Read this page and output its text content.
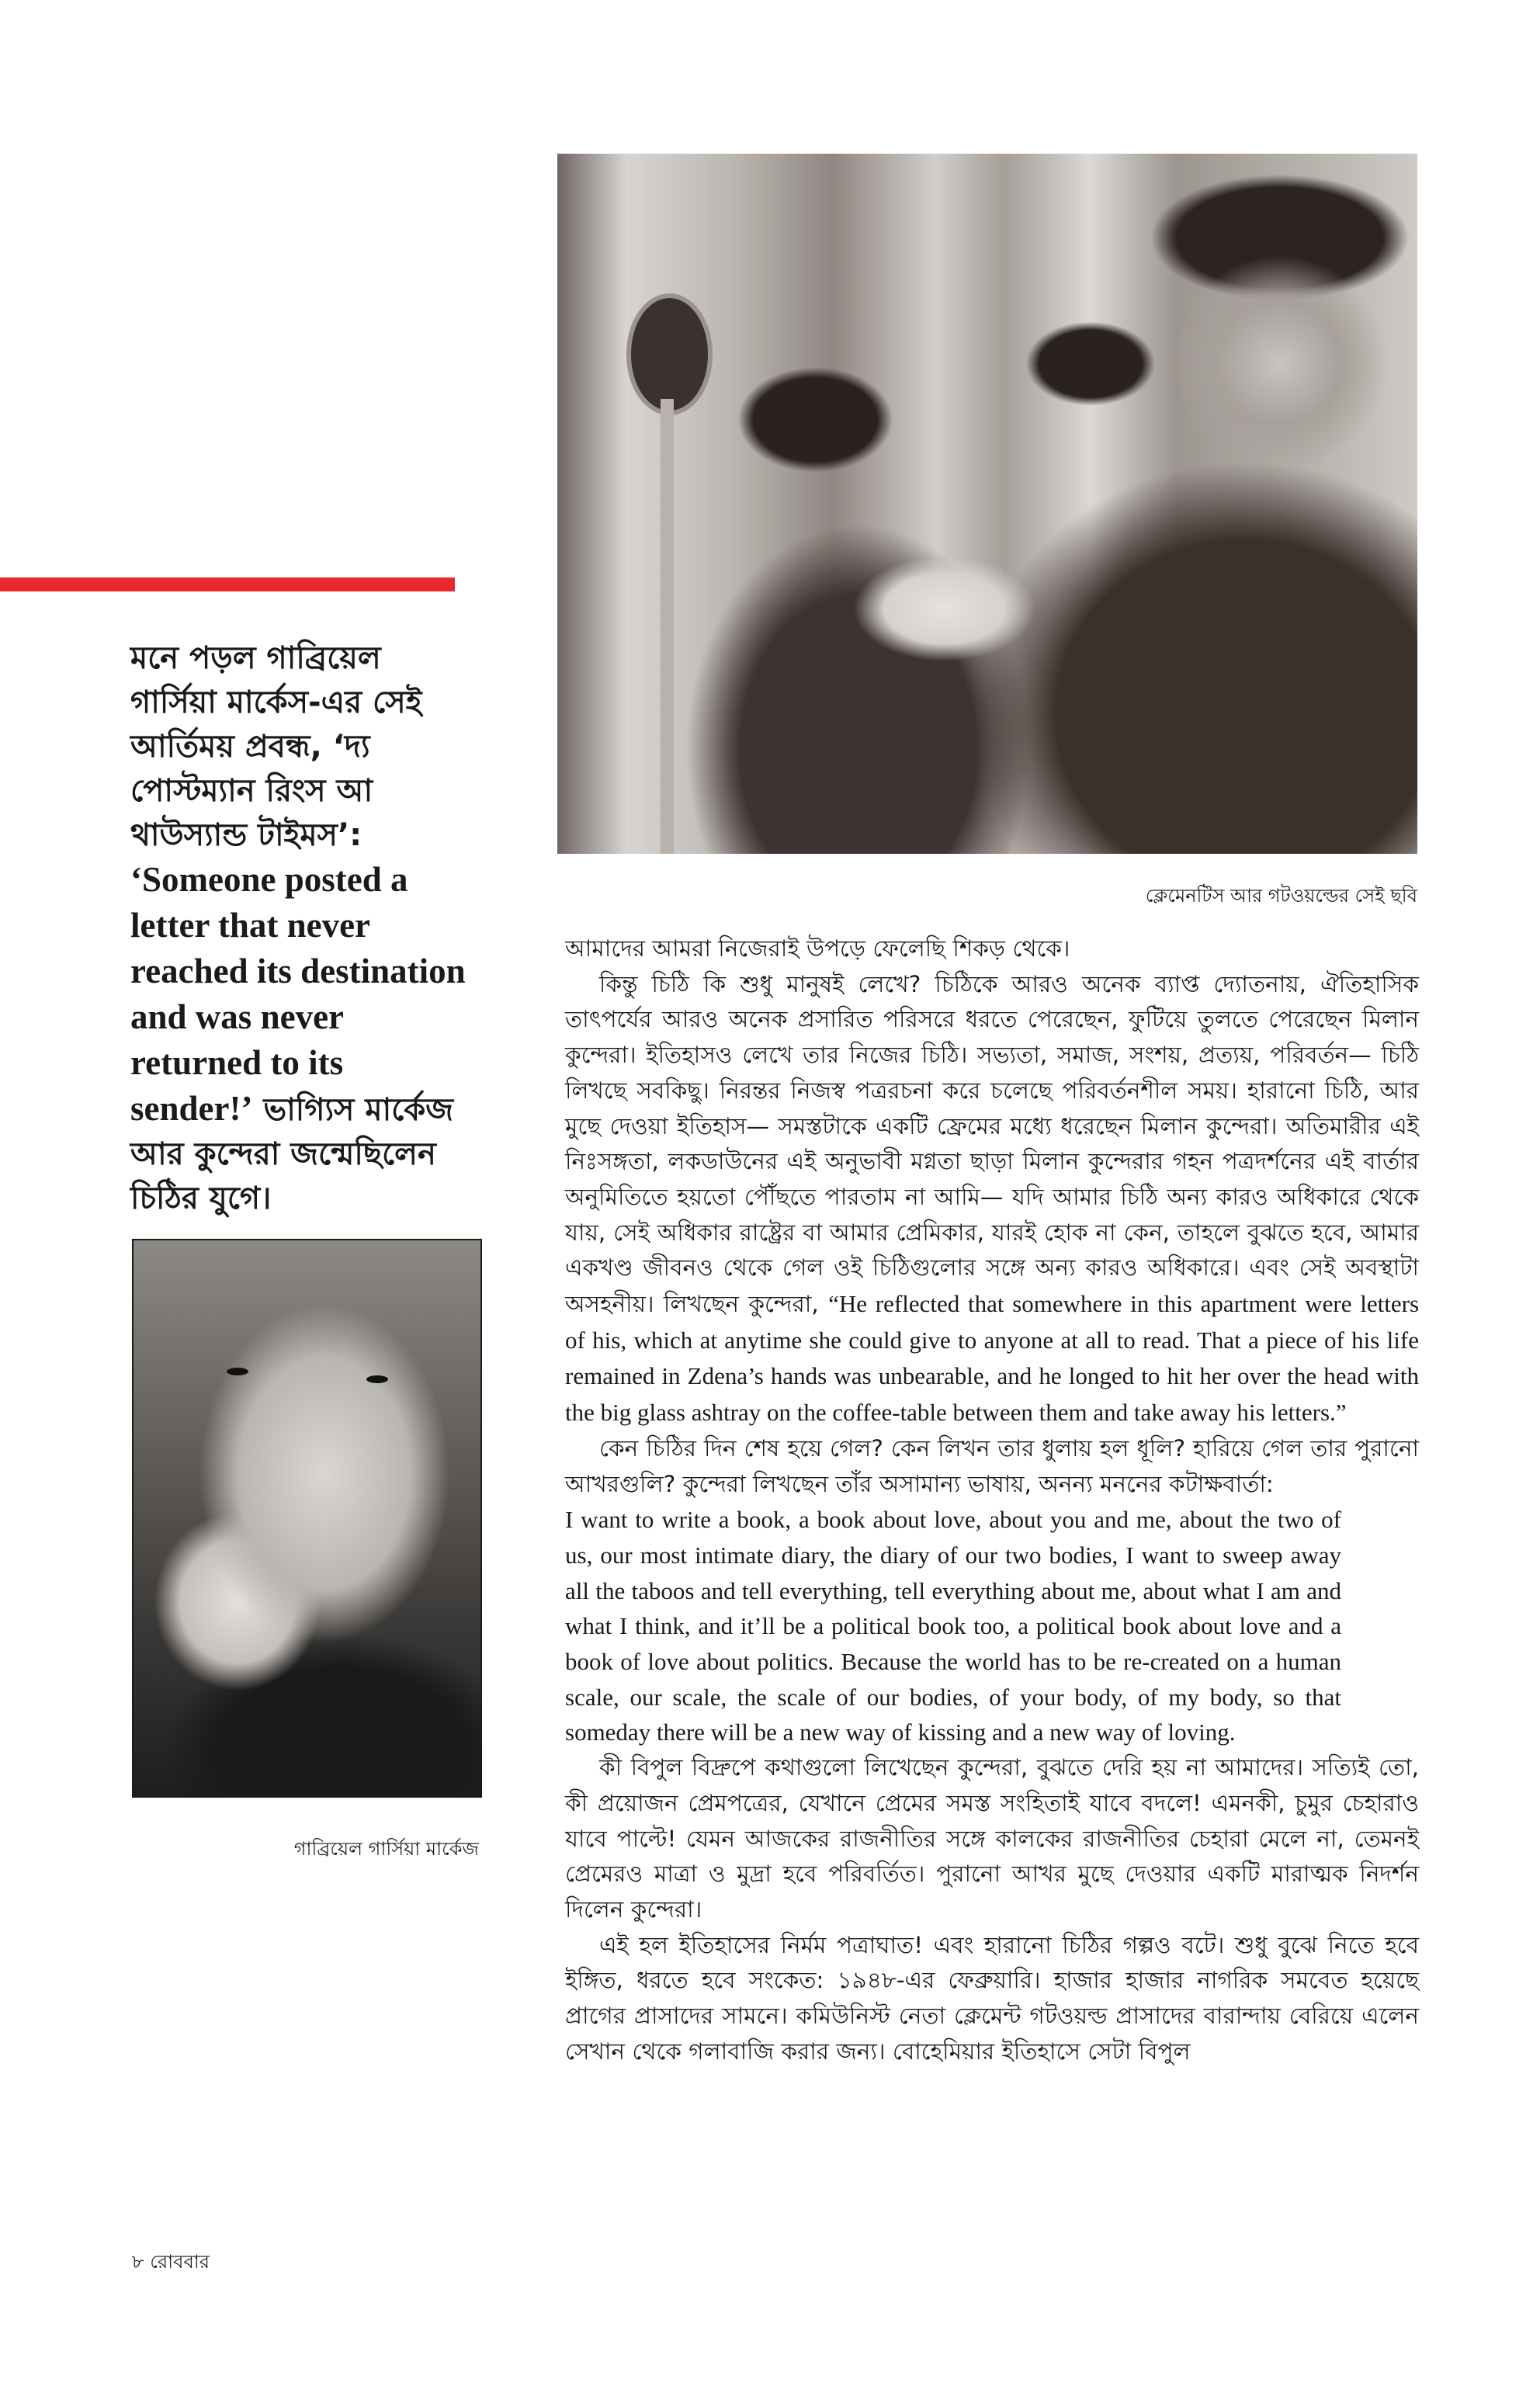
মনে পড়ল গাব্রিয়েল গার্সিয়া মার্কেস-এর সেই আর্তিময় প্রবন্ধ, ‘দ্য পোস্টম্যান রিংস আ থাউস্যান্ড টাইমস’: ‘Someone posted a letter that never reached its destination and was never returned to its sender!’ ভাগ্যিস মার্কেজ আর কুন্দেরা জন্মেছিলেন চিঠির যুগে।
ক্লেমেনটিস আর গটওয়ল্ডের সেই ছবি
গাব্রিয়েল গার্সিয়া মার্কেজ

আমাদের আমরা নিজেরাই উপড়ে ফেলেছি শিকড় থেকে।

কিন্তু চিঠি কি শুধু মানুষই লেখে? চিঠিকে আরও অনেক ব্যাপ্ত দ্যোতনায়, ঐতিহাসিক তাৎপর্যের আরও অনেক প্রসারিত পরিসরে ধরতে পেরেছেন, ফুটিয়ে তুলতে পেরেছেন মিলান কুন্দেরা। ইতিহাসও লেখে তার নিজের চিঠি। সভ্যতা, সমাজ, সংশয়, প্রত্যয়, পরিবর্তন— চিঠি লিখছে সবকিছু। নিরন্তর নিজস্ব পত্ররচনা করে চলেছে পরিবর্তনশীল সময়। হারানো চিঠি, আর মুছে দেওয়া ইতিহাস— সমস্তটাকে একটি ফ্রেমের মধ্যে ধরেছেন মিলান কুন্দেরা। অতিমারীর এই নিঃসঙ্গতা, লকডাউনের এই অনুভাবী মগ্নতা ছাড়া মিলান কুন্দেরার গহন পত্রদর্শনের এই বার্তার অনুমিতিতে হয়তো পৌঁছতে পারতাম না আমি— যদি আমার চিঠি অন্য কারও অধিকারে থেকে যায়, সেই অধিকার রাষ্ট্রের বা আমার প্রেমিকার, যারই হোক না কেন, তাহলে বুঝতে হবে, আমার একখণ্ড জীবনও থেকে গেল ওই চিঠিগুলোর সঙ্গে অন্য কারও অধিকারে। এবং সেই অবস্থাটা অসহনীয়। লিখছেন কুন্দেরা, “He reflected that somewhere in this apartment were letters of his, which at anytime she could give to anyone at all to read. That a piece of his life remained in Zdena’s hands was unbearable, and he longed to hit her over the head with the big glass ashtray on the coffee-table between them and take away his letters.”

কেন চিঠির দিন শেষ হয়ে গেল? কেন লিখন তার ধুলায় হল ধূলি? হারিয়ে গেল তার পুরানো আখরগুলি? কুন্দেরা লিখছেন তাঁর অসামান্য ভাষায়, অনন্য মননের কটাক্ষবার্তা:

I want to write a book, a book about love, about you and me, about the two of us, our most intimate diary, the diary of our two bodies, I want to sweep away all the taboos and tell everything, tell everything about me, about what I am and what I think, and it’ll be a political book too, a political book about love and a book of love about politics. Because the world has to be re-created on a human scale, our scale, the scale of our bodies, of your body, of my body, so that someday there will be a new way of kissing and a new way of loving.

কী বিপুল বিদ্রুপে কথাগুলো লিখেছেন কুন্দেরা, বুঝতে দেরি হয় না আমাদের। সত্যিই তো, কী প্রয়োজন প্রেমপত্রের, যেখানে প্রেমের সমস্ত সংহিতাই যাবে বদলে! এমনকী, চুমুর চেহারাও যাবে পাল্টে! যেমন আজকের রাজনীতির সঙ্গে কালকের রাজনীতির চেহারা মেলে না, তেমনই প্রেমেরও মাত্রা ও মুদ্রা হবে পরিবর্তিত। পুরানো আখর মুছে দেওয়ার একটি মারাত্মক নিদর্শন দিলেন কুন্দেরা।

এই হল ইতিহাসের নির্মম পত্রাঘাত! এবং হারানো চিঠির গল্পও বটে। শুধু বুঝে নিতে হবে ইঙ্গিত, ধরতে হবে সংকেত: ১৯৪৮-এর ফেব্রুয়ারি। হাজার হাজার নাগরিক সমবেত হয়েছে প্রাগের প্রাসাদের সামনে। কমিউনিস্ট নেতা ক্লেমেন্ট গটওয়ল্ড প্রাসাদের বারান্দায় বেরিয়ে এলেন সেখান থেকে গলাবাজি করার জন্য। বোহেমিয়ার ইতিহাসে সেটা বিপুল

৮ রোববার
